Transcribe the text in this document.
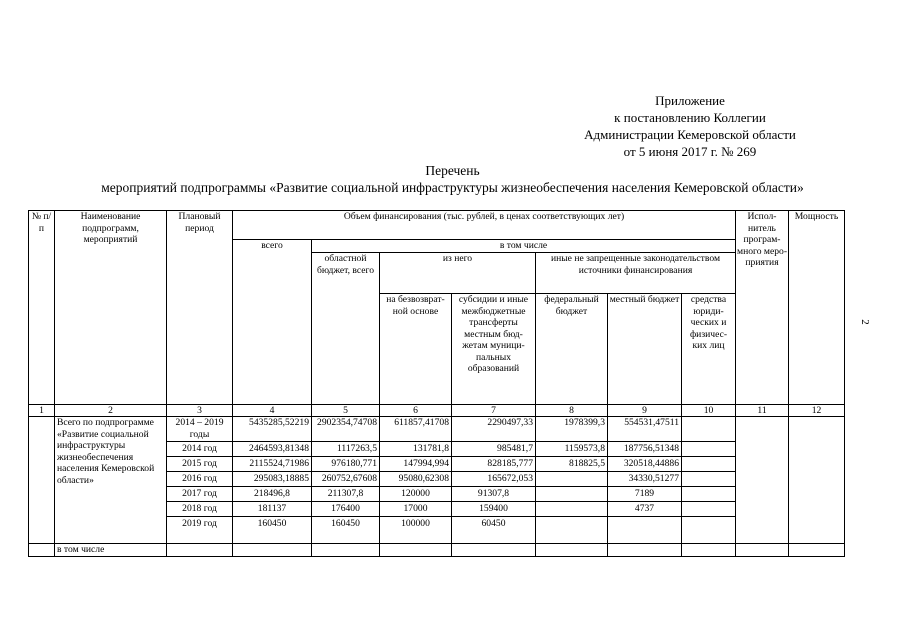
Приложение
к постановлению Коллегии
Администрации Кемеровской области
от 5 июня 2017 г. № 269
Перечень
мероприятий подпрограммы «Развитие социальной инфраструктуры жизнеобеспечения населения Кемеровской области»
2
№ п/п	Наименование подпрограмм, мероприятий	Плановый период	Объем финансирования (тыс. рублей, в ценах соответствующих лет)							Испол-нитель програм-много меро-приятия	Мощность
			всего	в том числе							
				областной бюджет, всего	из него		иные не запрещенные законодательством источники финансирования				
					на безвозврат-ной основе	субсидии и иные межбюджетные трансферты местным бюд-жетам муници-пальных образований	федеральный бюджет	местный бюджет	средства юриди-ческих и физичес-ких лиц		
1	2	3	4	5	6	7	8	9	10	11	12
	Всего по подпрограмме «Развитие социальной инфраструктуры жизнеобеспечения населения Кемеровской области»	2014 – 2019 годы	5435285,52219	2902354,74708	611857,41708	2290497,33	1978399,3	554531,47511			
		2014 год	2464593,81348	1117263,5	131781,8	985481,7	1159573,8	187756,51348			
		2015 год	2115524,71986	976180,771	147994,994	828185,777	818825,5	320518,44886			
		2016 год	295083,18885	260752,67608	95080,62308	165672,053		34330,51277			
		2017 год	218496,8	211307,8	120000	91307,8		7189			
		2018 год	181137	176400	17000	159400		4737			
		2019 год	160450	160450	100000	60450					
	в том числе										
